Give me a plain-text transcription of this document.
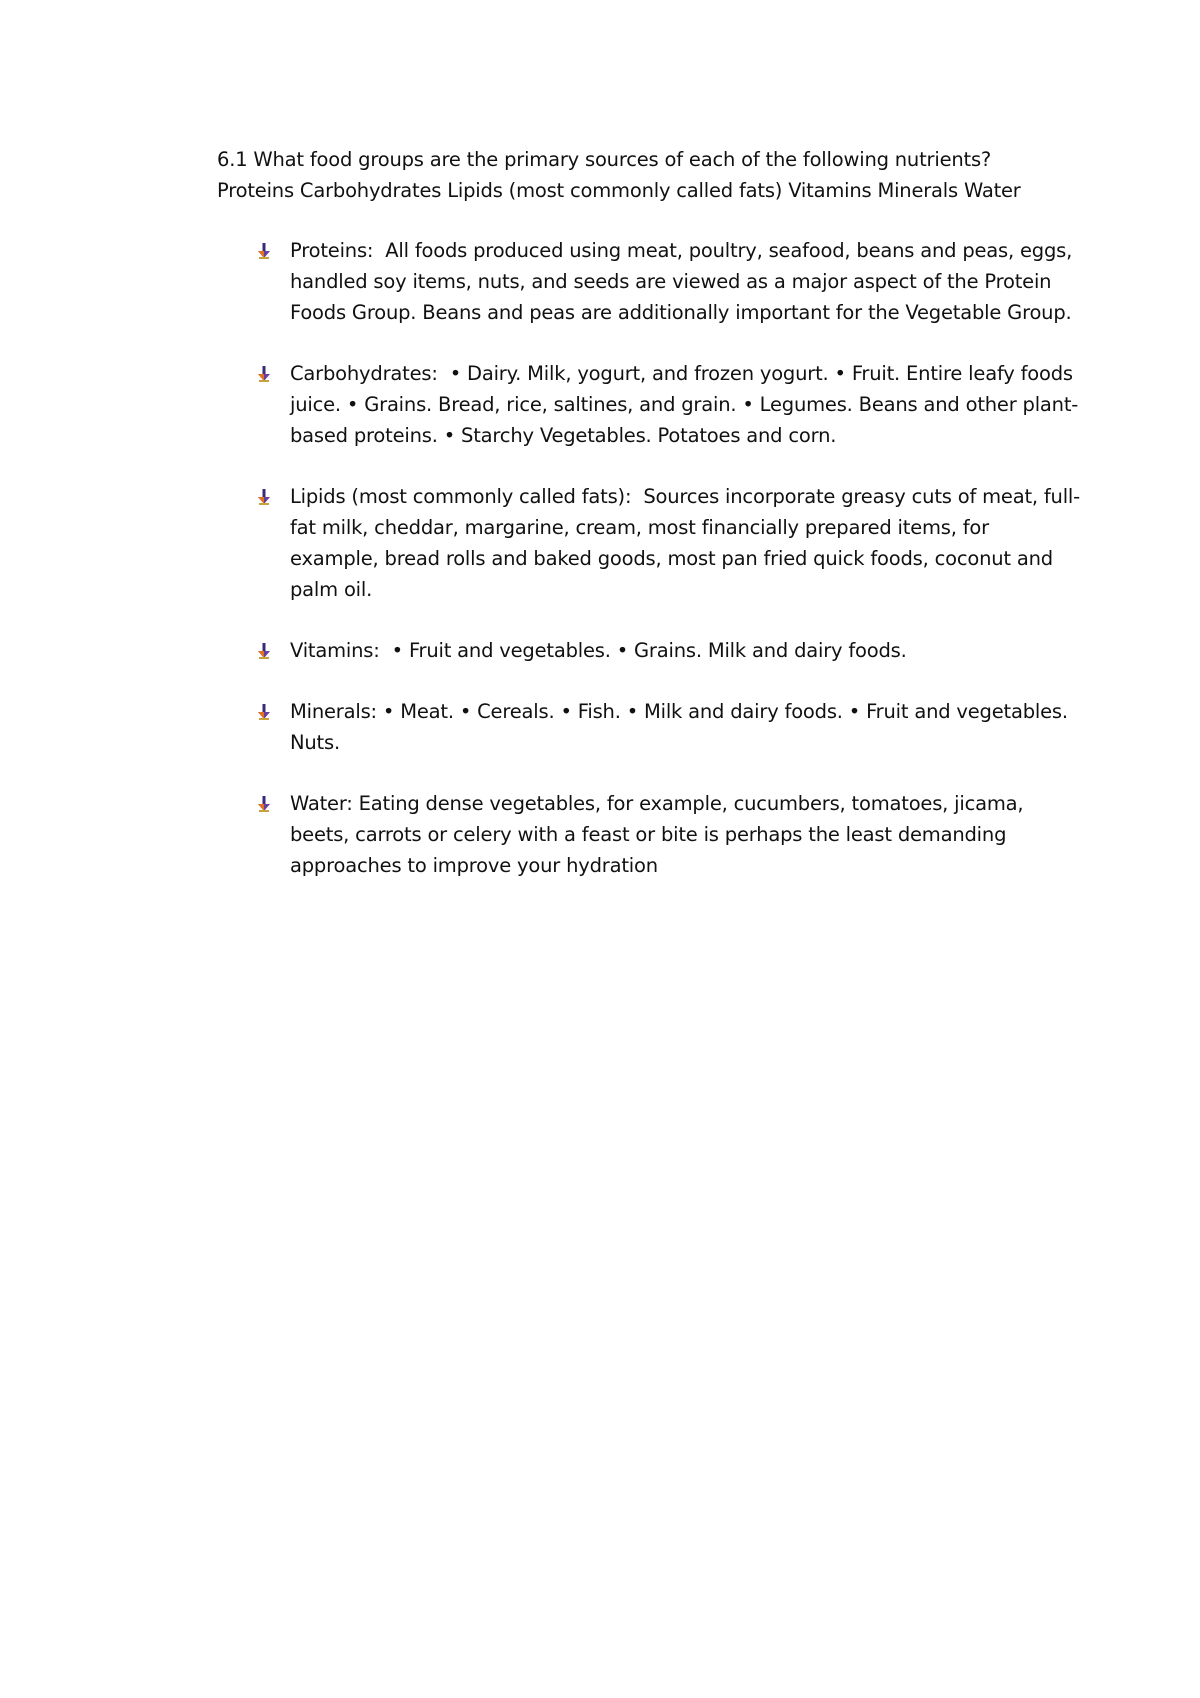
6.1 What food groups are the primary sources of each of the following nutrients?
Proteins Carbohydrates Lipids (most commonly called fats) Vitamins Minerals Water

Proteins: All foods produced using meat, poultry, seafood, beans and peas, eggs, handled soy items, nuts, and seeds are viewed as a major aspect of the Protein Foods Group. Beans and peas are additionally important for the Vegetable Group.
Carbohydrates: • Dairy. Milk, yogurt, and frozen yogurt. • Fruit. Entire leafy foods juice. • Grains. Bread, rice, saltines, and grain. • Legumes. Beans and other plant-based proteins. • Starchy Vegetables. Potatoes and corn.
Lipids (most commonly called fats): Sources incorporate greasy cuts of meat, full-fat milk, cheddar, margarine, cream, most financially prepared items, for example, bread rolls and baked goods, most pan fried quick foods, coconut and palm oil.
Vitamins: • Fruit and vegetables. • Grains. Milk and dairy foods.
Minerals: • Meat. • Cereals. • Fish. • Milk and dairy foods. • Fruit and vegetables. Nuts.
Water: Eating dense vegetables, for example, cucumbers, tomatoes, jicama, beets, carrots or celery with a feast or bite is perhaps the least demanding approaches to improve your hydration
